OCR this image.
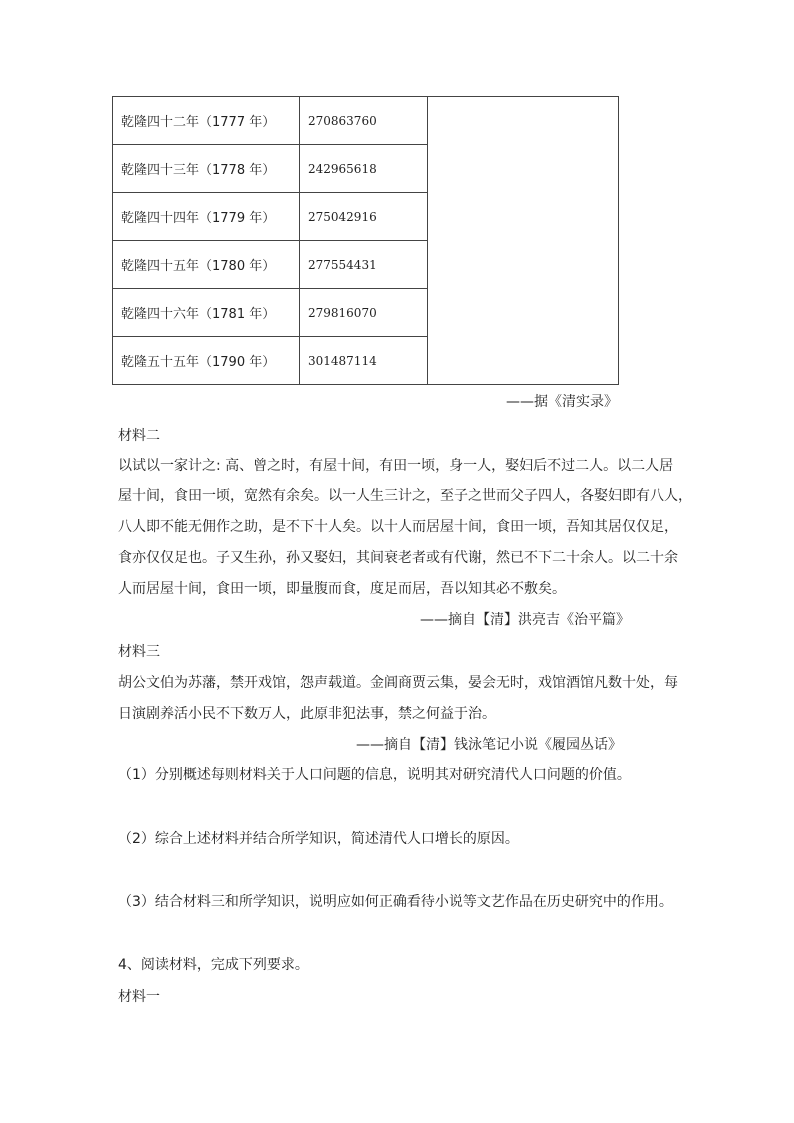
乾隆四十二年（1777 年）	270863760	
乾隆四十三年（1778 年）	242965618	
乾隆四十四年（1779 年）	275042916	
乾隆四十五年（1780 年）	277554431	
乾隆四十六年（1781 年）	279816070	
乾隆五十五年（1790 年）	301487114	
——据《清实录》
材料二
以试以一家计之: 高、曾之时，有屋十间，有田一顷，身一人，娶妇后不过二人。以二人居
屋十间，食田一顷，宽然有余矣。以一人生三计之，至子之世而父子四人，各娶妇即有八人，
八人即不能无佣作之助，是不下十人矣。以十人而居屋十间，食田一顷，吾知其居仅仅足，
食亦仅仅足也。子又生孙，孙又娶妇，其间衰老者或有代谢，然已不下二十余人。以二十余
人而居屋十间，食田一顷，即量腹而食，度足而居，吾以知其必不敷矣。
——摘自【清】洪亮吉《治平篇》
材料三
胡公文伯为苏藩，禁开戏馆，怨声载道。金阊商贾云集，晏会无时，戏馆酒馆凡数十处，每
日演剧养活小民不下数万人，此原非犯法事，禁之何益于治。
——摘自【清】钱泳笔记小说《履园丛话》
（1）分别概述每则材料关于人口问题的信息，说明其对研究清代人口问题的价值。
（2）综合上述材料并结合所学知识，简述清代人口增长的原因。
（3）结合材料三和所学知识，说明应如何正确看待小说等文艺作品在历史研究中的作用。
4、阅读材料，完成下列要求。
材料一
